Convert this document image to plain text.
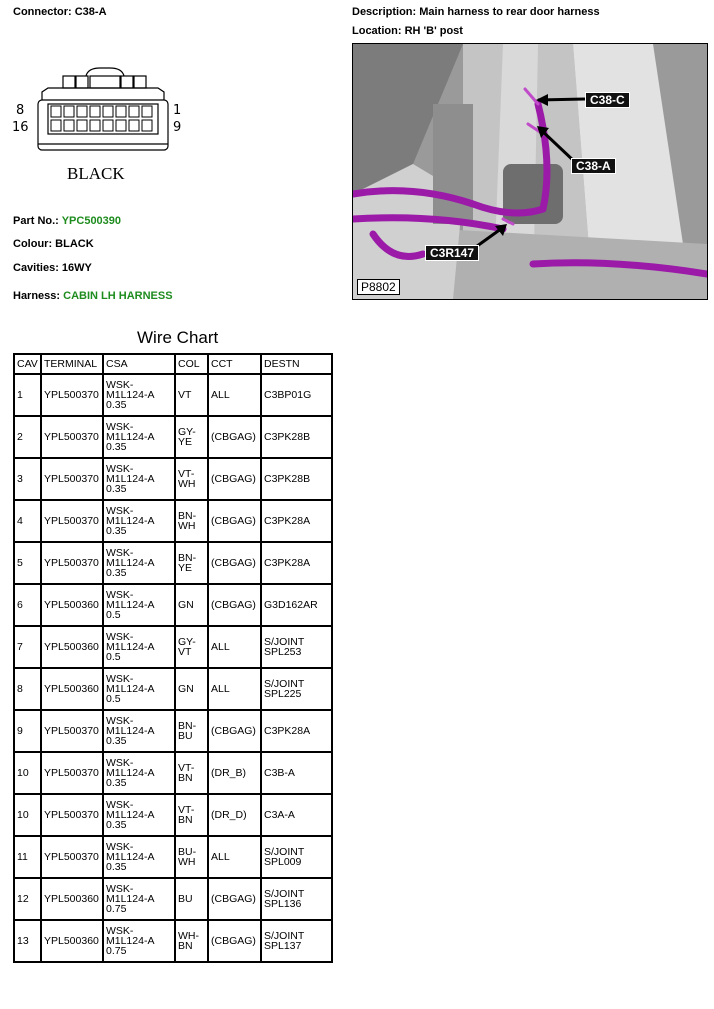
Connector: C38-A	Description: Main harness to rear door harness
Location: RH 'B' post
8
16
1
9
BLACK
Part No.: YPC500390
Colour: BLACK
Cavities: 16WY
Harness: CABIN LH HARNESS
C38-C
C38-A
C3R147
P8802
Wire Chart
CAV	TERMINAL	CSA	COL	CCT	DESTN
1	YPL500370	WSK-
M1L124-A
0.35	VT	ALL	C3BP01G
2	YPL500370	WSK-
M1L124-A
0.35	GY-
YE	(CBGAG)	C3PK28B
3	YPL500370	WSK-
M1L124-A
0.35	VT-
WH	(CBGAG)	C3PK28B
4	YPL500370	WSK-
M1L124-A
0.35	BN-
WH	(CBGAG)	C3PK28A
5	YPL500370	WSK-
M1L124-A
0.35	BN-
YE	(CBGAG)	C3PK28A
6	YPL500360	WSK-
M1L124-A
0.5	GN	(CBGAG)	G3D162AR
7	YPL500360	WSK-
M1L124-A
0.5	GY-
VT	ALL	S/JOINT
SPL253
8	YPL500360	WSK-
M1L124-A
0.5	GN	ALL	S/JOINT
SPL225
9	YPL500370	WSK-
M1L124-A
0.35	BN-
BU	(CBGAG)	C3PK28A
10	YPL500370	WSK-
M1L124-A
0.35	VT-
BN	(DR_B)	C3B-A
10	YPL500370	WSK-
M1L124-A
0.35	VT-
BN	(DR_D)	C3A-A
11	YPL500370	WSK-
M1L124-A
0.35	BU-
WH	ALL	S/JOINT
SPL009
12	YPL500360	WSK-
M1L124-A
0.75	BU	(CBGAG)	S/JOINT
SPL136
13	YPL500360	WSK-
M1L124-A
0.75	WH-
BN	(CBGAG)	S/JOINT
SPL137
